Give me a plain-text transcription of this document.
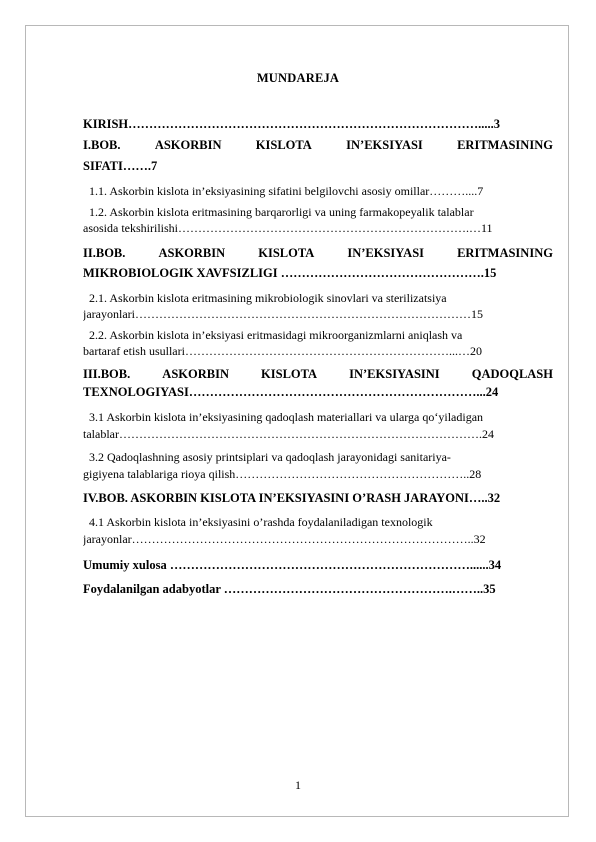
MUNDAREJA
KIRISH………………………………………………………………………….....3
I.BOB.	ASKORBIN	KISLOTA	IN’EKSIYASI	ERITMASINING
SIFATI…….7
1.1. Askorbin kislota in’eksiyasining sifatini belgilovchi asosiy omillar………....7
1.2. Askorbin kislota eritmasining barqarorligi va uning farmakopeyalik talablar
asosida tekshirilishi……………………………………………………………….…11
II.BOB.	ASKORBIN	KISLOTA	IN’EKSIYASI	ERITMASINING
MIKROBIOLOGIK XAVFSIZLIGI ………………………………………….15
2.1. Askorbin kislota eritmasining mikrobiologik sinovlari va sterilizatsiya
jarayonlari…………………………………………………………………………15
2.2. Askorbin kislota in’eksiyasi eritmasidagi mikroorganizmlarni aniqlash va
bartaraf etish usullari…………………………………………………………...…20
III.BOB.	ASKORBIN	KISLOTA	IN’EKSIYASINI	QADOQLASH
TEXNOLOGIYASI……………………………………………………………...24
3.1 Askorbin kislota in’eksiyasining qadoqlash materiallari va ularga qo‘yiladigan
talablar……………………………………………………………………………….24
3.2 Qadoqlashning asosiy printsiplari va qadoqlash jarayonidagi sanitariya-
gigiyena talablariga rioya qilish…………………………………………………..28
IV.BOB. ASKORBIN KISLOTA IN’EKSIYASINI O’RASH JARAYONI…..32
4.1 Askorbin kislota in’eksiyasini o’rashda foydalaniladigan texnologik
jarayonlar…………………………………………………………………………..32
Umumiy xulosa ………………………………………………………………......34
Foydalanilgan adabyotlar ……………………………………………….……..35
1
